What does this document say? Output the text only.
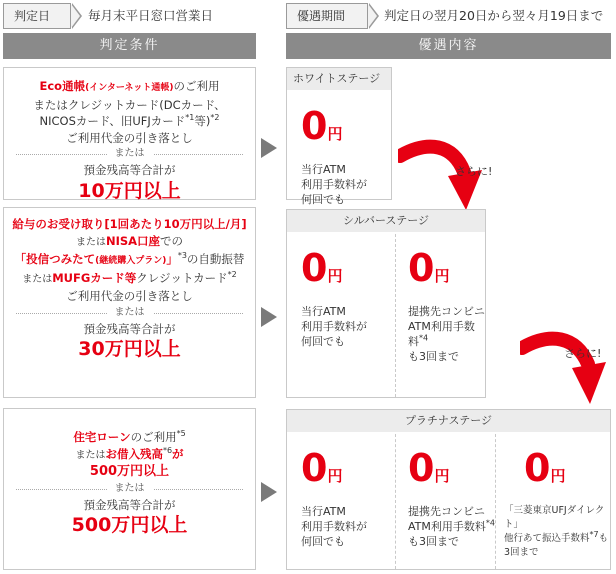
判定日	毎月末平日窓口営業日	優遇期間	判定日の翌月20日から翌々月19日まで
判定条件	優遇内容
Eco通帳(インターネット通帳)のご利用
またはクレジットカード(DCカード、
NICOSカード、旧UFJカード$^{*1}$等)$^{*2}$
ご利用代金の引き落とし
または
預金残高等合計が
10万円以上
給与のお受け取り[1回あたり10万円以上/月]
またはNISA口座での
「投信つみたて(継続購入プラン)」$^{*3}$の自動振替
またはMUFGカード等クレジットカード$^{*2}$
ご利用代金の引き落とし
または
預金残高等合計が
30万円以上
住宅ローンのご利用$^{*5}$
またはお借入残高$^{*6}$が
500万円以上
または
預金残高等合計が
500万円以上
ホワイトステージ
0円
当行ATM
利用手数料が
何回でも
さらに!
シルバーステージ
0円
当行ATM
利用手数料が
何回でも
0円
提携先コンビニ
ATM利用手数料$^{*4}$
も3回まで	さらに!
プラチナステージ
0円
当行ATM
利用手数料が
何回でも
0円
提携先コンビニ
ATM利用手数料$^{*4}$
も3回まで
0円
「三菱東京UFJダイレクト」
他行あて振込手数料$^{*7}$も
3回まで
